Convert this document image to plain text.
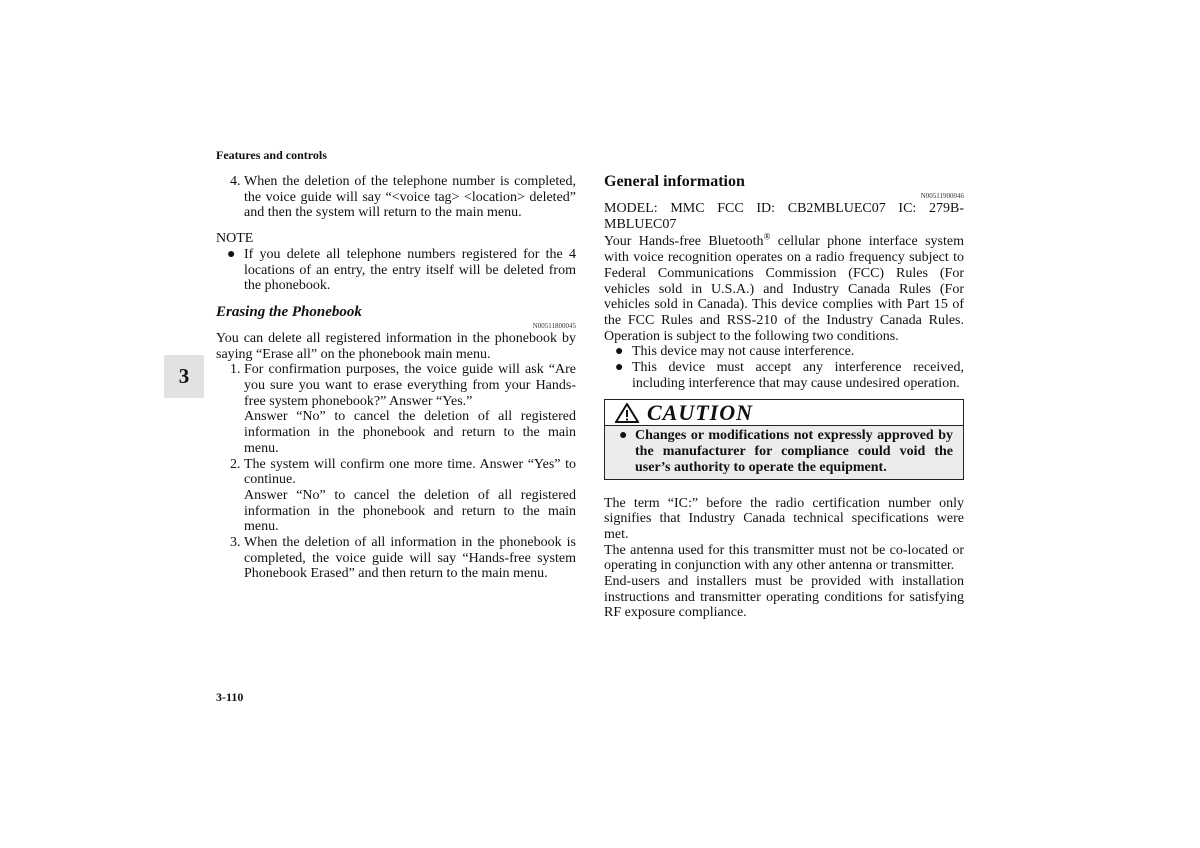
Features and controls
3
3-110
4. When the deletion of the telephone number is completed, the voice guide will say “<voice tag> <location> deleted” and then the system will return to the main menu.

NOTE
● If you delete all telephone numbers registered for the 4 locations of an entry, the entry itself will be deleted from the phonebook.
Erasing the Phonebook
N00511800045

You can delete all registered information in the phonebook by saying “Erase all” on the phonebook main menu.

1. For confirmation purposes, the voice guide will ask “Are you sure you want to erase everything from your Hands-free system phonebook?” Answer “Yes.”

Answer “No” to cancel the deletion of all registered information in the phonebook and return to the main menu.

2. The system will confirm one more time. Answer “Yes” to continue.

Answer “No” to cancel the deletion of all registered information in the phonebook and return to the main menu.

3. When the deletion of all information in the phonebook is completed, the voice guide will say “Hands-free system Phonebook Erased” and then return to the main menu.

General information
N00511900046

MODEL: MMC FCC ID: CB2MBLUEC07 IC: 279B-MBLUEC07

Your Hands-free Bluetooth® cellular phone interface system with voice recognition operates on a radio frequency subject to Federal Communications Commission (FCC) Rules (For vehicles sold in U.S.A.) and Industry Canada Rules (For vehicles sold in Canada). This device complies with Part 15 of the FCC Rules and RSS-210 of the Industry Canada Rules. Operation is subject to the following two conditions.

● This device may not cause interference.
● This device must accept any interference received, including interference that may cause undesired operation.
CAUTION
● Changes or modifications not expressly approved by the manufacturer for compliance could void the user’s authority to operate the equipment.

The term “IC:” before the radio certification number only signifies that Industry Canada technical specifications were met.

The antenna used for this transmitter must not be co-located or operating in conjunction with any other antenna or transmitter.

End-users and installers must be provided with installation instructions and transmitter operating conditions for satisfying RF exposure compliance.
